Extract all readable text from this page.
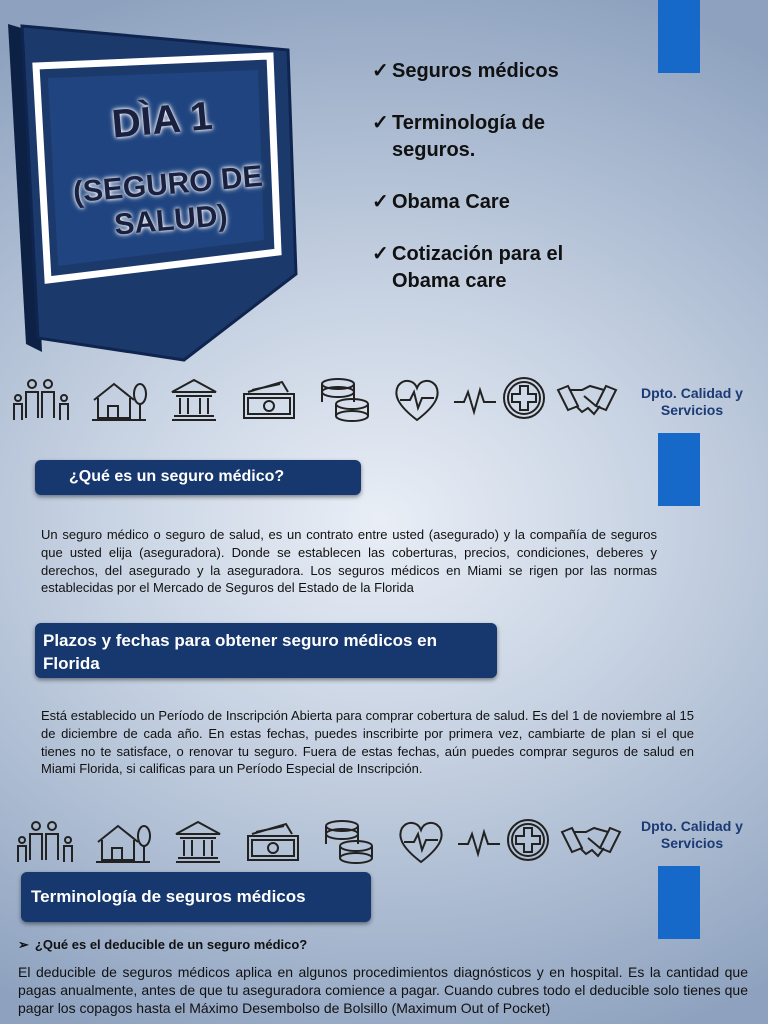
DÌA 1
(SEGURO DE SALUD)
✓ Seguros médicos
✓ Terminología de seguros.
✓ Obama Care
✓ Cotización para el Obama care
Dpto. Calidad y Servicios
¿Qué es un seguro médico?
Un seguro médico o seguro de salud, es un contrato entre usted (asegurado) y la compañía de seguros que usted elija (aseguradora). Donde se establecen las coberturas, precios, condiciones, deberes y derechos, del asegurado y la aseguradora. Los seguros médicos en Miami se rigen por las normas establecidas por el Mercado de Seguros del Estado de la Florida
Plazos y fechas para obtener seguro médicos en Florida
Está establecido un Período de Inscripción Abierta para comprar cobertura de salud. Es del 1 de noviembre al 15 de diciembre de cada año. En estas fechas, puedes inscribirte por primera vez, cambiarte de plan si el que tienes no te satisface, o renovar tu seguro. Fuera de estas fechas, aún puedes comprar seguros de salud en Miami Florida, si calificas para un Período Especial de Inscripción.
Dpto. Calidad y Servicios
Terminología de seguros médicos
➢ ¿Qué es el deducible de un seguro médico?
El deducible de seguros médicos aplica en algunos procedimientos diagnósticos y en hospital. Es la cantidad que pagas anualmente, antes de que tu aseguradora comience a pagar. Cuando cubres todo el deducible solo tienes que pagar los copagos hasta el Máximo Desembolso de Bolsillo (Maximum Out of Pocket)
